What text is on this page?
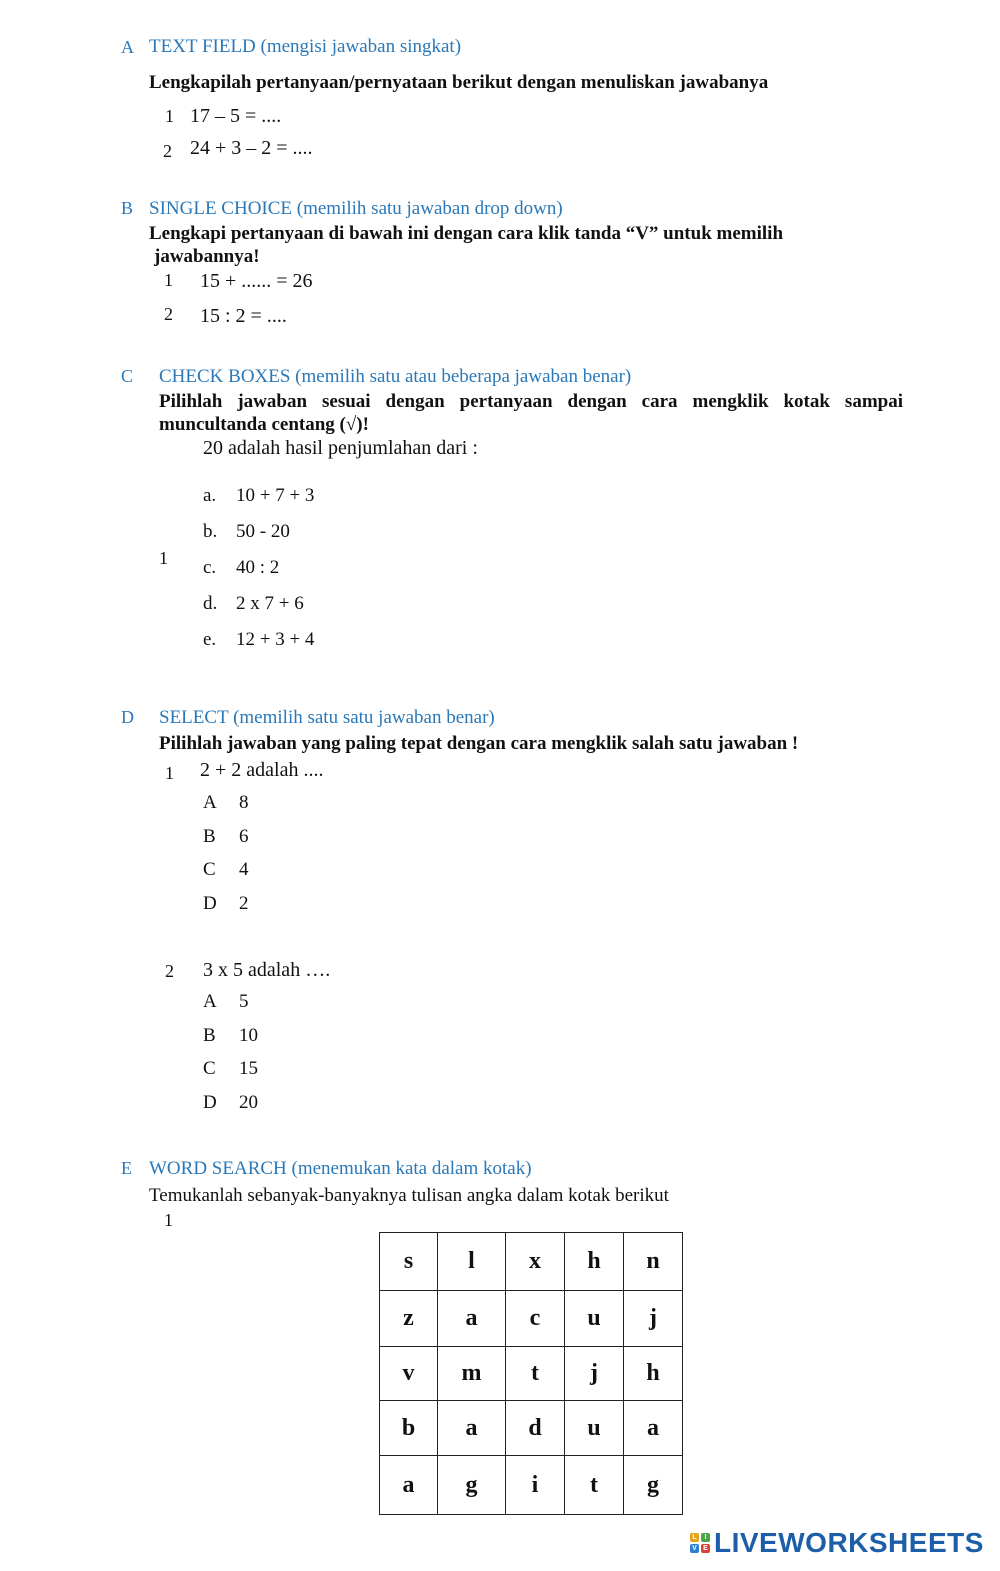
A TEXT FIELD (mengisi jawaban singkat)
Lengkapilah pertanyaan/pernyataan berikut dengan menuliskan jawabanya
1 17 – 5 = ....
2 24 + 3 – 2 = ....
B SINGLE CHOICE (memilih satu jawaban drop down)
Lengkapi pertanyaan di bawah ini dengan cara klik tanda “V” untuk memilih
jawabannya!
1 15 + ...... = 26
2 15 : 2 = ....
C CHECK BOXES (memilih satu atau beberapa jawaban benar)
Pilihlah jawaban sesuai dengan pertanyaan dengan cara mengklik kotak sampai
muncultanda centang (√)!
20 adalah hasil penjumlahan dari :
1
a. 10 + 7 + 3
b. 50 - 20
c. 40 : 2
d. 2 x 7 + 6
e. 12 + 3 + 4
D SELECT (memilih satu satu jawaban benar)
Pilihlah jawaban yang paling tepat dengan cara mengklik salah satu jawaban !
1 2 + 2 adalah ....
A 8
B 6
C 4
D 2
2 3 x 5 adalah ….
A 5
B 10
C 15
D 20
E WORD SEARCH (menemukan kata dalam kotak)
Temukanlah sebanyak-banyaknya tulisan angka dalam kotak berikut
1
s	l	x	h	n
z	a	c	u	j
v	m	t	j	h
b	a	d	u	a
a	g	i	t	g
L	I
V E LIVEWORKSHEETS
